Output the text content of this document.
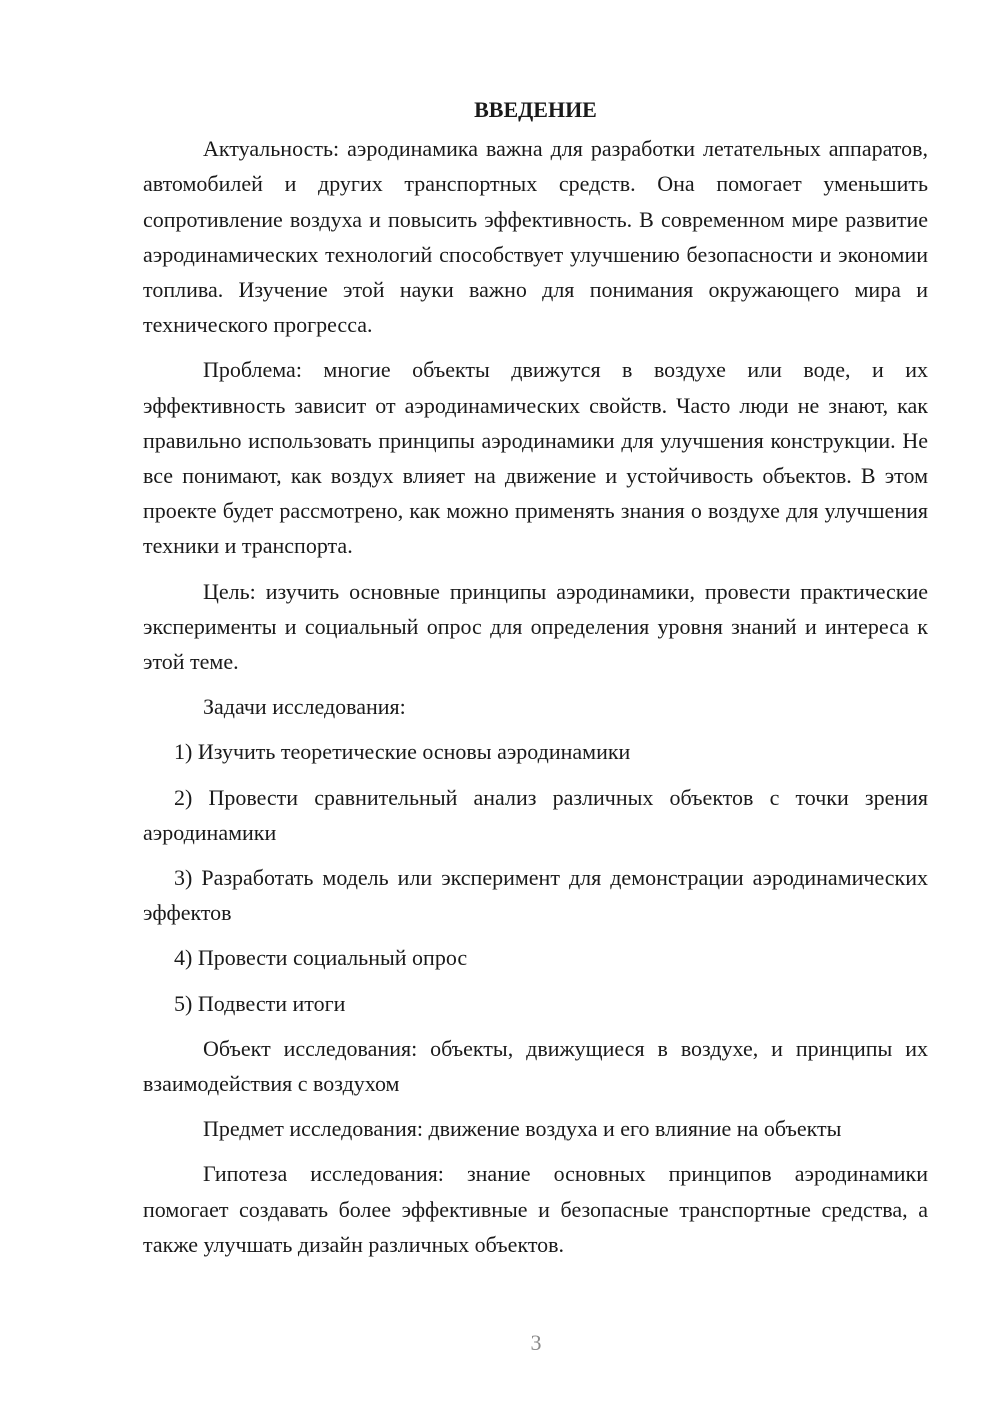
ВВЕДЕНИЕ

Актуальность: аэродинамика важна для разработки летательных аппаратов, автомобилей и других транспортных средств. Она помогает уменьшить сопротивление воздуха и повысить эффективность. В современном мире развитие аэродинамических технологий способствует улучшению безопасности и экономии топлива. Изучение этой науки важно для понимания окружающего мира и технического прогресса.

Проблема: многие объекты движутся в воздухе или воде, и их эффективность зависит от аэродинамических свойств. Часто люди не знают, как правильно использовать принципы аэродинамики для улучшения конструкции. Не все понимают, как воздух влияет на движение и устойчивость объектов. В этом проекте будет рассмотрено, как можно применять знания о воздухе для улучшения техники и транспорта.

Цель: изучить основные принципы аэродинамики, провести практические эксперименты и социальный опрос для определения уровня знаний и интереса к этой теме.

Задачи исследования:

1) Изучить теоретические основы аэродинамики

2) Провести сравнительный анализ различных объектов с точки зрения аэродинамики

3) Разработать модель или эксперимент для демонстрации аэродинамических эффектов

4) Провести социальный опрос

5) Подвести итоги

Объект исследования: объекты, движущиеся в воздухе, и принципы их взаимодействия с воздухом

Предмет исследования: движение воздуха и его влияние на объекты

Гипотеза исследования: знание основных принципов аэродинамики помогает создавать более эффективные и безопасные транспортные средства, а также улучшать дизайн различных объектов.

3
